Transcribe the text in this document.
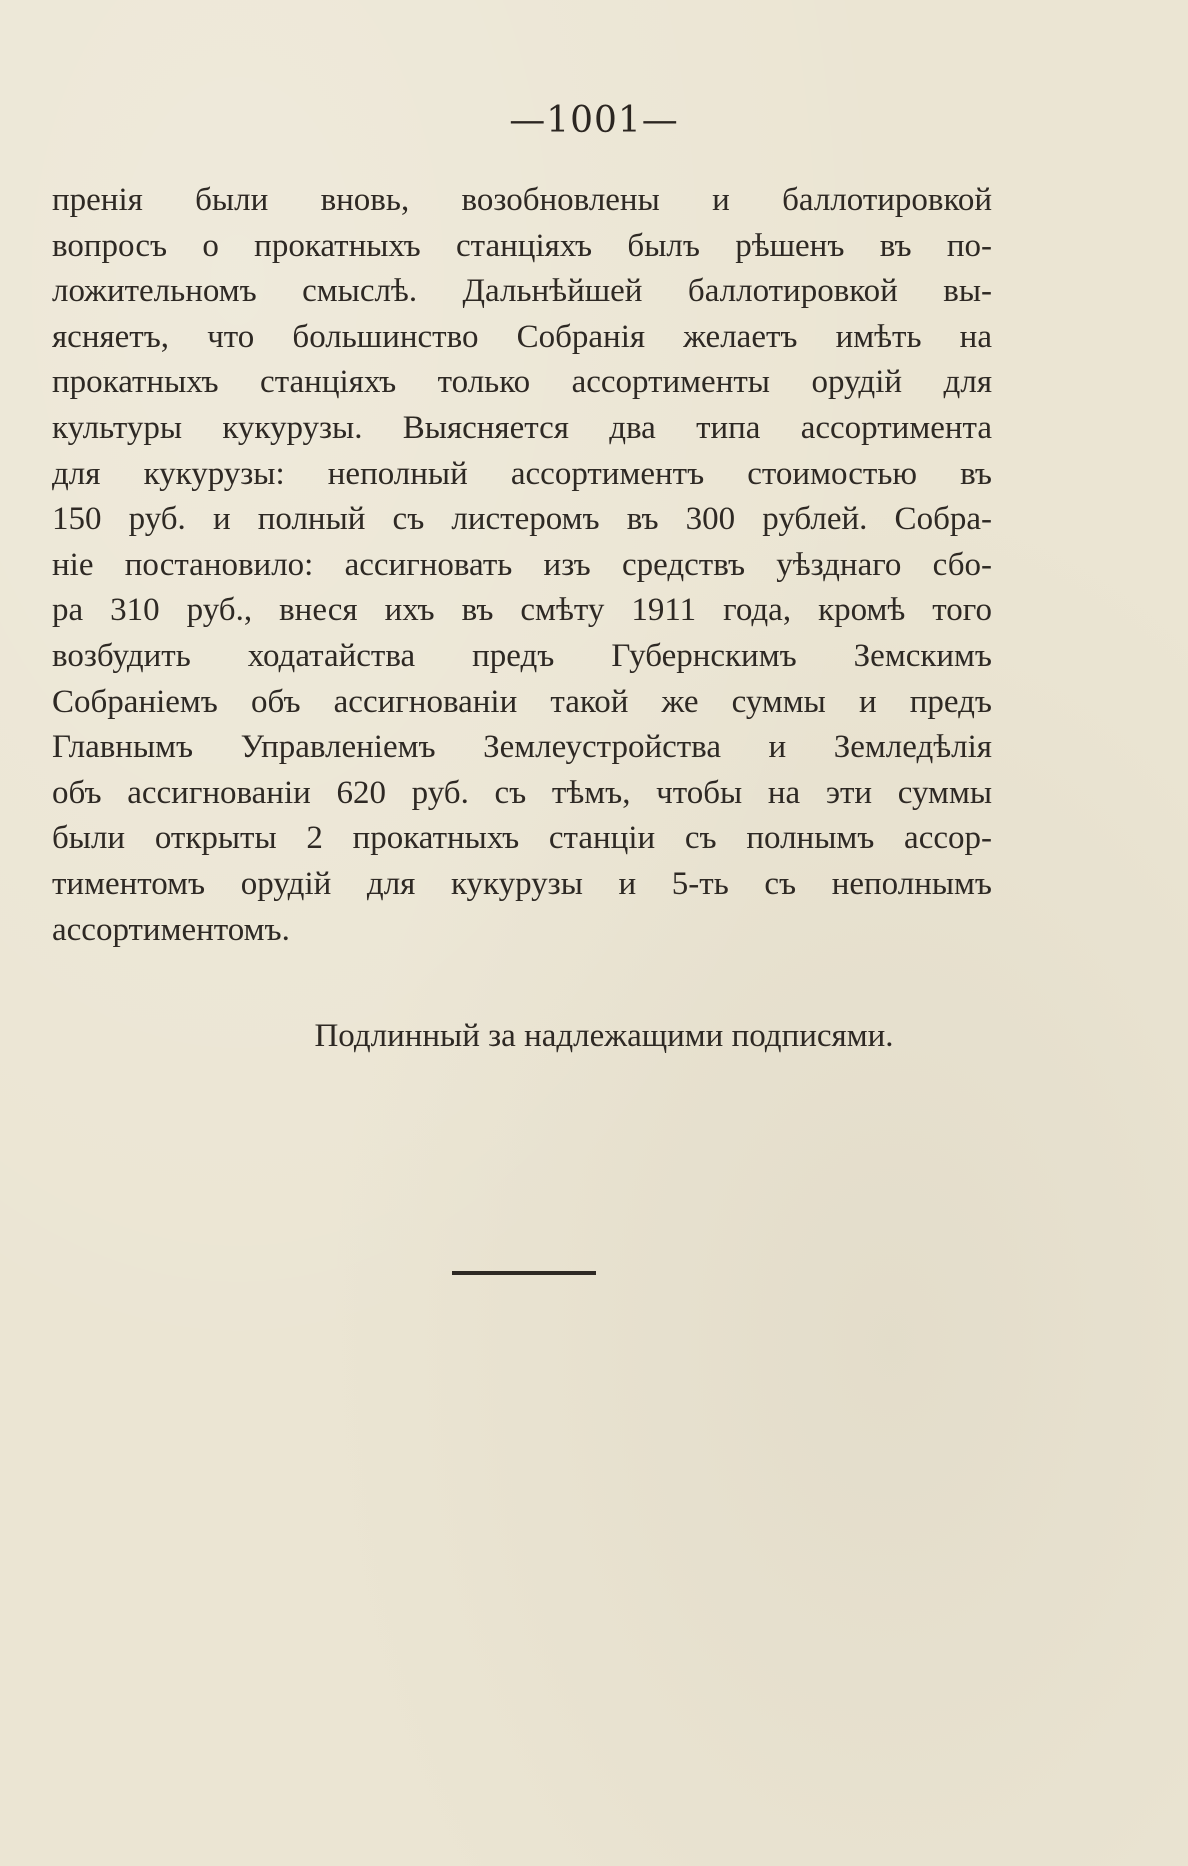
—1001—
пренія были вновь, возобновлены и баллотировкой
вопросъ о прокатныхъ станціяхъ былъ рѣшенъ въ по-
ложительномъ смыслѣ. Дальнѣйшей баллотировкой вы-
ясняетъ, что большинство Собранія желаетъ имѣть на
прокатныхъ станціяхъ только ассортименты орудій для
культуры кукурузы. Выясняется два типа ассортимента
для кукурузы: неполный ассортиментъ стоимостью въ
150 руб. и полный съ листеромъ въ 300 рублей. Собра-
ніе постановило: ассигновать изъ средствъ уѣзднаго сбо-
ра 310 руб., внеся ихъ въ смѣту 1911 года, кромѣ того
возбудить ходатайства предъ Губернскимъ Земскимъ
Собраніемъ объ ассигнованіи такой же суммы и предъ
Главнымъ Управленіемъ Землеустройства и Земледѣлія
объ ассигнованіи 620 руб. съ тѣмъ, чтобы на эти суммы
были открыты 2 прокатныхъ станціи съ полнымъ ассор-
тиментомъ орудій для кукурузы и 5-ть съ неполнымъ
ассортиментомъ.
Подлинный за надлежащими подписями.
